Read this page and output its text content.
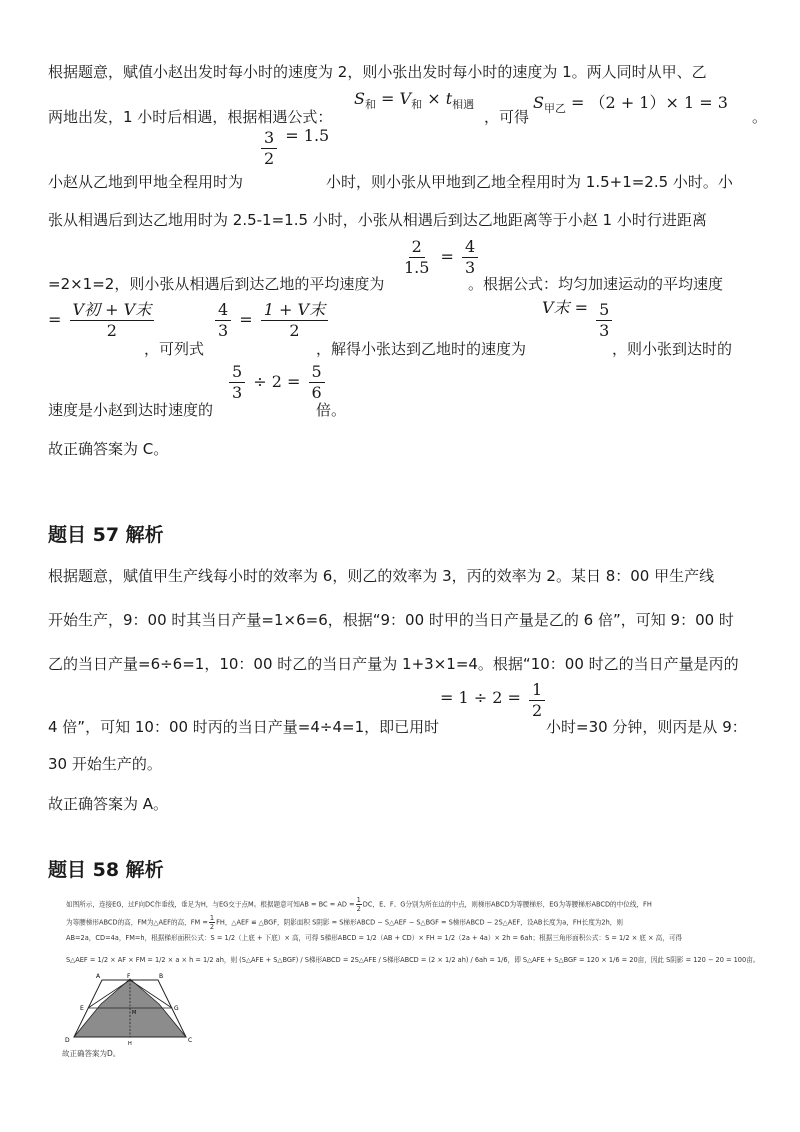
根据题意，赋值小赵出发时每小时的速度为 2，则小张出发时每小时的速度为 1。两人同时从甲、乙
两地出发，1 小时后相遇，根据相遇公式：
$S_和 = V_和 \times t_{相遇}$
，可得
$S_{甲乙} = (2 + 1)\times 1 = 3$
。
$\frac{3}{2} = 1.5$
小赵从乙地到甲地全程用时为	小时，则小张从甲地到乙地全程用时为 1.5+1=2.5 小时。小
张从相遇后到达乙地用时为 2.5-1=1.5 小时，小张从相遇后到达乙地距离等于小赵 1 小时行进距离
$\frac{2}{1.5} = \frac{4}{3}$
=2×1=2，则小张从相遇后到达乙地的平均速度为	。根据公式：均匀加速运动的平均速度
= $\frac{\text{V初 + V末}}{2}$
，可列式
$\frac{4}{3} = \frac{\text{1 + V末}}{2}$
，解得小张达到乙地时的速度为
V末 = $\frac{5}{3}$
，则小张到达时的
$\frac{5}{3} \div 2 = \frac{5}{6}$
速度是小赵到达时速度的	倍。
故正确答案为 C。
题目 57 解析
根据题意，赋值甲生产线每小时的效率为 6，则乙的效率为 3，丙的效率为 2。某日 8：00 甲生产线
开始生产，9：00 时其当日产量=1×6=6，根据“9：00 时甲的当日产量是乙的 6 倍”，可知 9：00 时
乙的当日产量=6÷6=1，10：00 时乙的当日产量为 1+3×1=4。根据“10：00 时乙的当日产量是丙的
= $1 \div 2 = \frac{1}{2}$
4 倍”，可知 10：00 时丙的当日产量=4÷4=1，即已用时	小时=30 分钟，则丙是从 9：
30 开始生产的。
故正确答案为 A。
题目 58 解析
如图所示，连接EG，过F向DC作垂线，垂足为H，与EG交于点M。根据题意可知AB = BC = AD = $\frac{1}{2}$ DC，E、F、G分别为所在边的中点，则梯形ABCD为等腰梯形，EG为等腰梯形ABCD的中位线，FH
为等腰梯形ABCD的高，FM为△AEF的高，FM = $\frac{1}{2}$ FH，△AEF ≌ △BGF，阴影面积 S阴影 = S梯形ABCD − S△AEF − S△BGF = S梯形ABCD − 2S△AEF，设AB长度为a，FH长度为2h，则
AB=2a，CD=4a，FM=h，根据梯形面积公式：S = 1/2（上底 + 下底）× 高，可得 S梯形ABCD = 1/2（AB + CD）× FH = 1/2（2a + 4a）× 2h = 6ah；根据三角形面积公式：S = 1/2 × 底 × 高，可得
S△AEF = 1/2 × AF × FM = 1/2 × a × h = 1/2 ah，则 (S△AFE + S△BGF) / S梯形ABCD = 2S△AFE / S梯形ABCD = (2 × 1/2 ah) / 6ah = 1/6，即 S△AFE + S△BGF = 120 × 1/6 = 20亩，因此 S阴影 = 120 − 20 = 100亩。
A	F	B
E	G
M
D	H	C
故正确答案为D。
